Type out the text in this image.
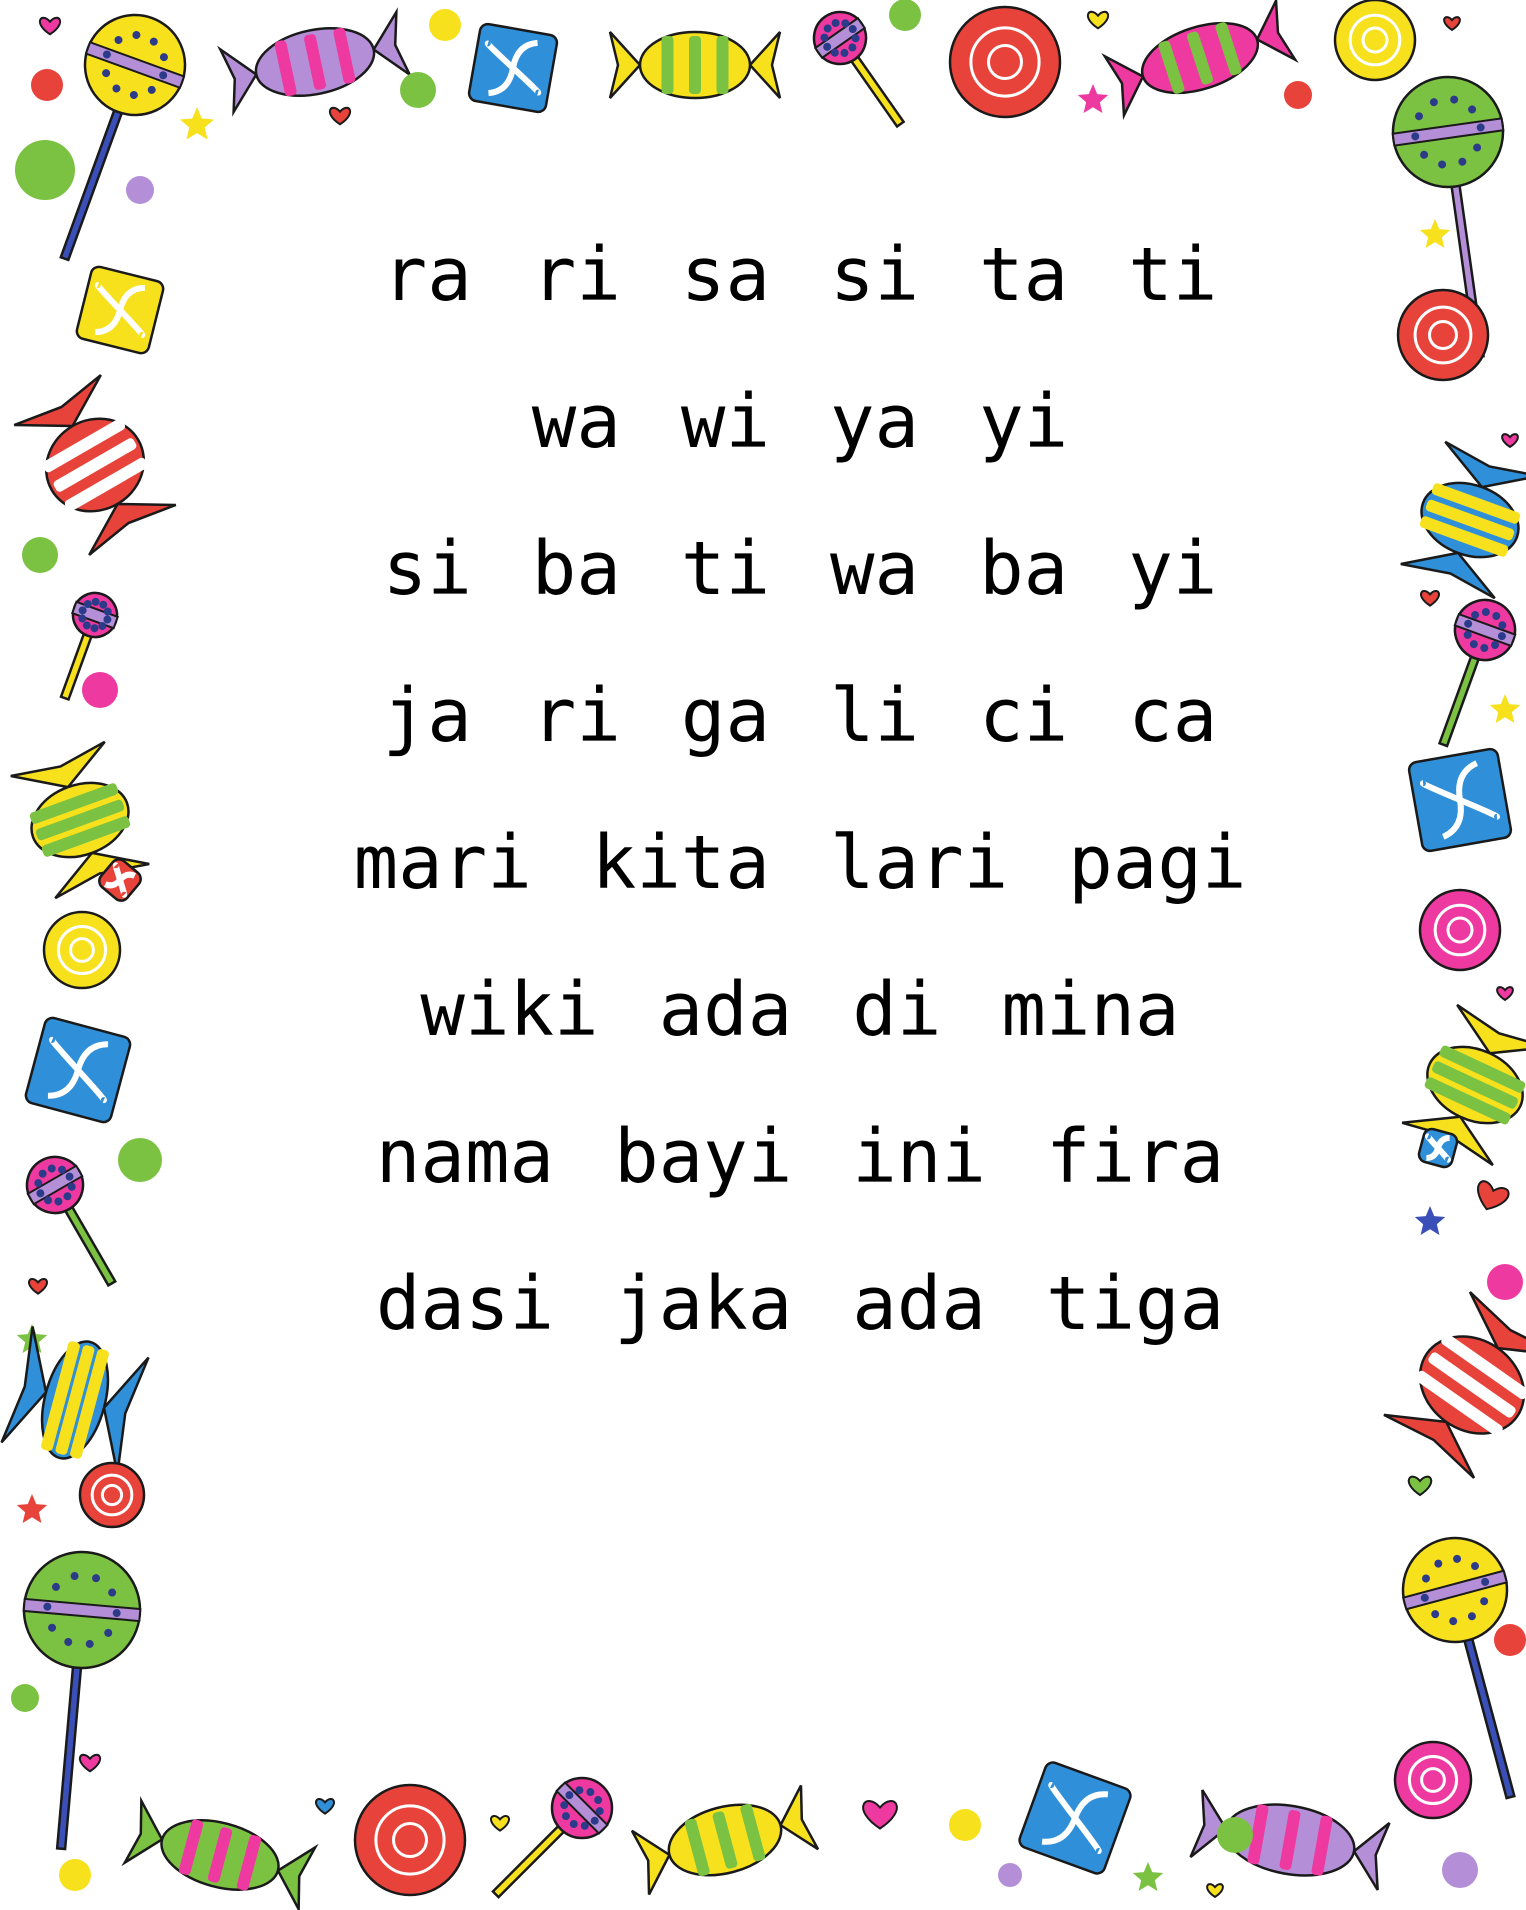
ra ri sa si ta ti
wa wi ya yi
si ba ti wa ba yi
ja ri ga li ci ca
mari kita lari pagi
wiki ada di mina
nama bayi ini fira
dasi jaka ada tiga
